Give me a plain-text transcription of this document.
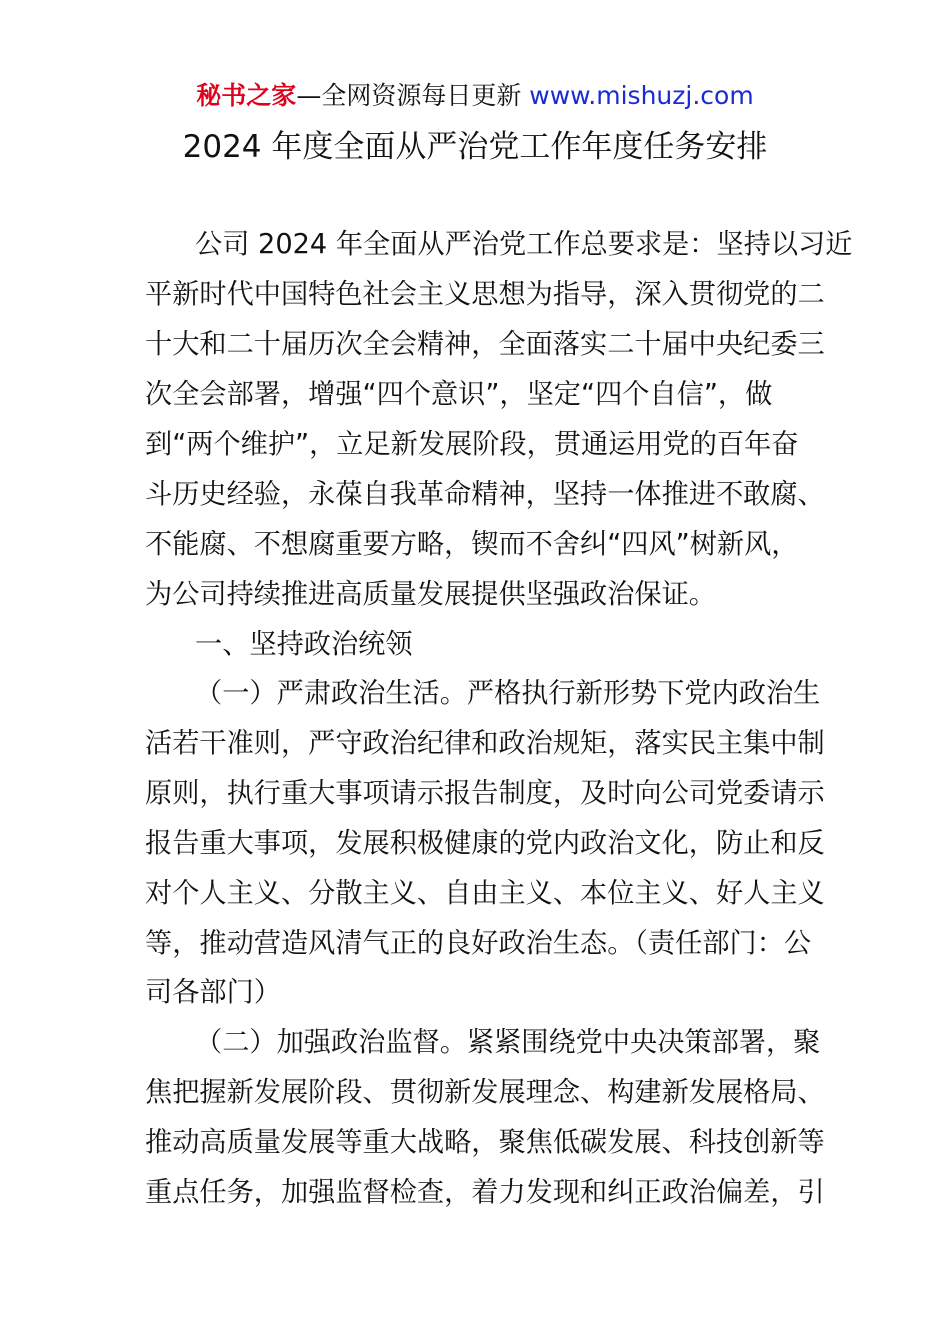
秘书之家—全网资源每日更新 www.mishuzj.com
2024 年度全面从严治党工作年度任务安排
公司 2024 年全面从严治党工作总要求是：坚持以习近
平新时代中国特色社会主义思想为指导，深入贯彻党的二
十大和二十届历次全会精神，全面落实二十届中央纪委三
次全会部署，增强“四个意识”，坚定“四个自信”，做
到“两个维护”，立足新发展阶段，贯通运用党的百年奋
斗历史经验，永葆自我革命精神，坚持一体推进不敢腐、
不能腐、不想腐重要方略，锲而不舍纠“四风”树新风，
为公司持续推进高质量发展提供坚强政治保证。
一、坚持政治统领
（一）严肃政治生活。严格执行新形势下党内政治生
活若干准则，严守政治纪律和政治规矩，落实民主集中制
原则，执行重大事项请示报告制度，及时向公司党委请示
报告重大事项，发展积极健康的党内政治文化，防止和反
对个人主义、分散主义、自由主义、本位主义、好人主义
等，推动营造风清气正的良好政治生态。（责任部门：公
司各部门）
（二）加强政治监督。紧紧围绕党中央决策部署，聚
焦把握新发展阶段、贯彻新发展理念、构建新发展格局、
推动高质量发展等重大战略，聚焦低碳发展、科技创新等
重点任务，加强监督检查，着力发现和纠正政治偏差，引
